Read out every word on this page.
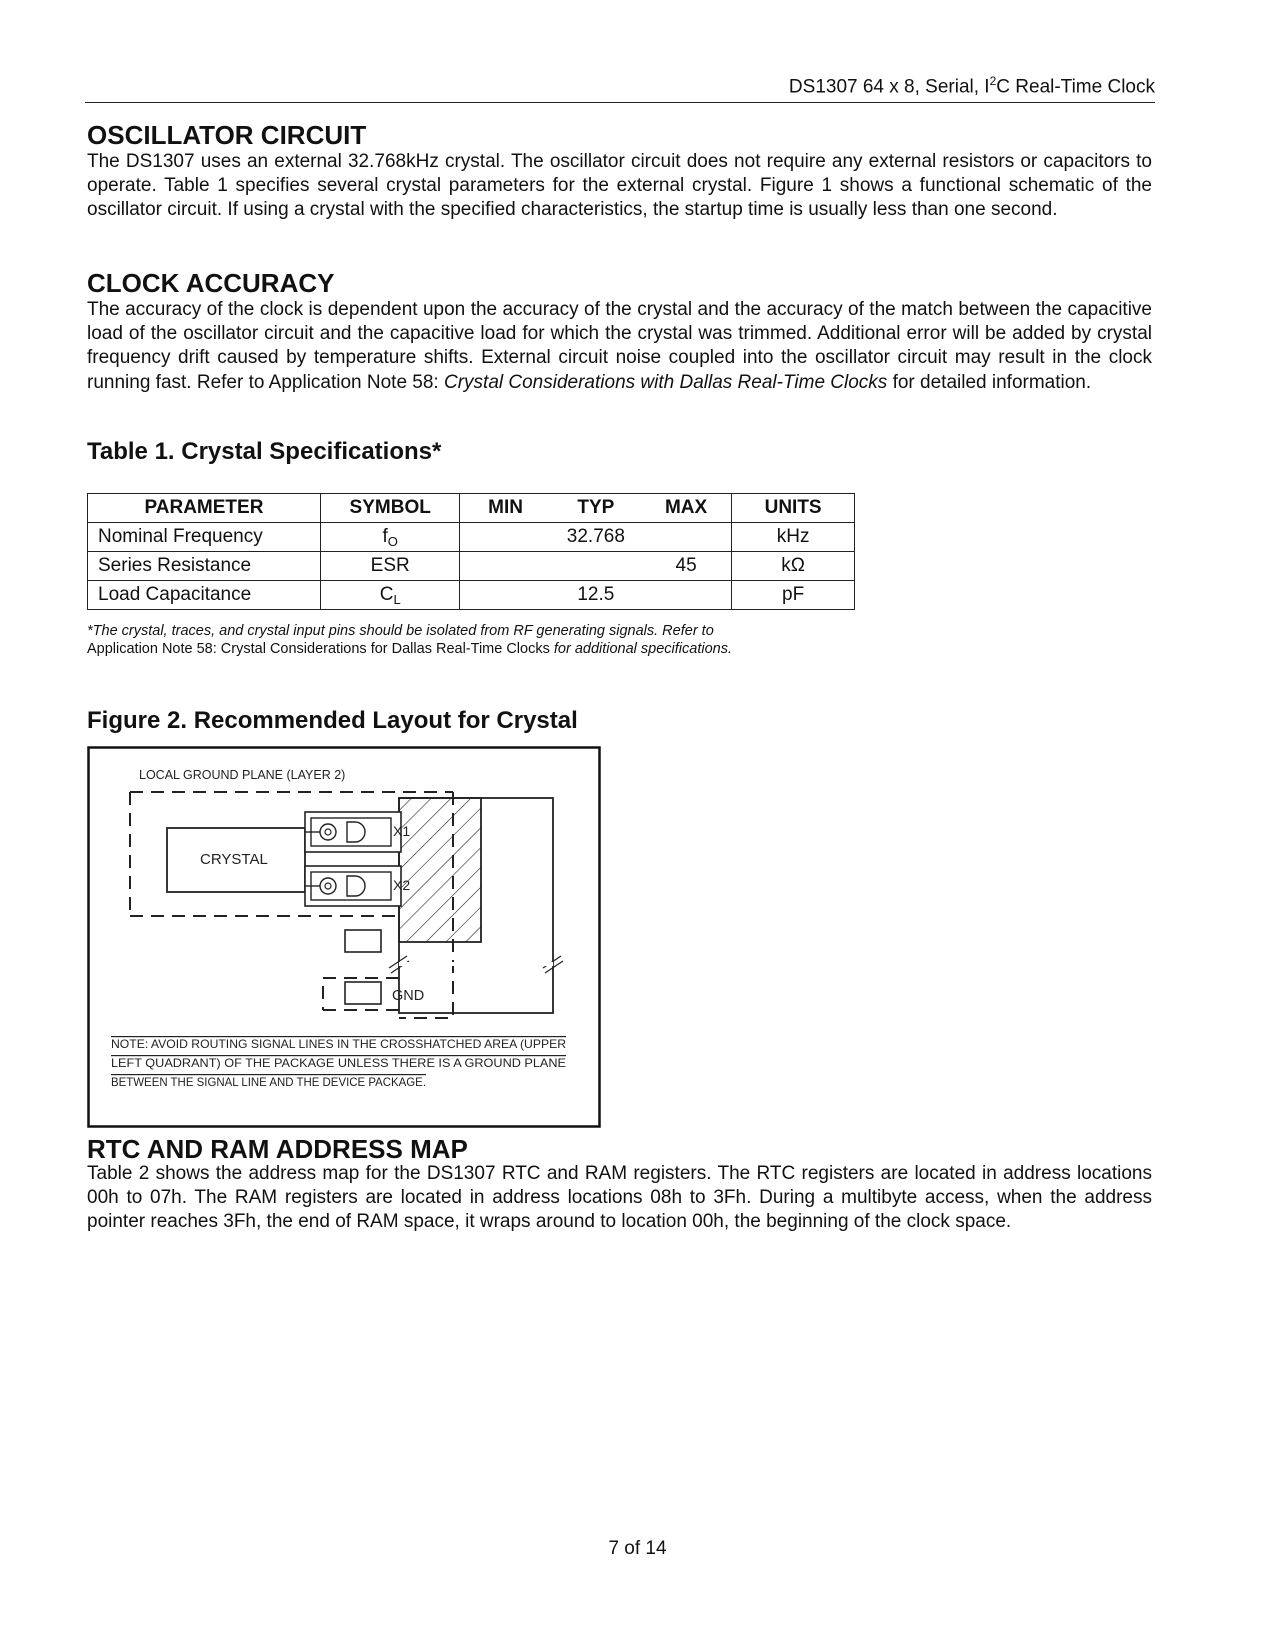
DS1307 64 x 8, Serial, $I^2C$ Real-Time Clock
OSCILLATOR CIRCUIT

The DS1307 uses an external 32.768kHz crystal. The oscillator circuit does not require any external resistors or capacitors to operate. Table 1 specifies several crystal parameters for the external crystal. Figure 1 shows a functional schematic of the oscillator circuit. If using a crystal with the specified characteristics, the startup time is usually less than one second.

CLOCK ACCURACY

The accuracy of the clock is dependent upon the accuracy of the crystal and the accuracy of the match between the capacitive load of the oscillator circuit and the capacitive load for which the crystal was trimmed. Additional error will be added by crystal frequency drift caused by temperature shifts. External circuit noise coupled into the oscillator circuit may result in the clock running fast. Refer to Application Note 58: Crystal Considerations with Dallas Real-Time Clocks for detailed information.

Table 1. Crystal Specifications*
PARAMETER	SYMBOL	MIN TYP MAX	UNITS
Nominal Frequency	$f_O$	32.768	kHz
Series Resistance	ESR	45	kΩ
Load Capacitance	$C_L$	12.5	pF

*The crystal, traces, and crystal input pins should be isolated from RF generating signals. Refer to
Application Note 58: Crystal Considerations for Dallas Real-Time Clocks for additional specifications.

Figure 2. Recommended Layout for Crystal
LOCAL GROUND PLANE (LAYER 2)
CRYSTAL
X1
X2
GND
NOTE: AVOID ROUTING SIGNAL LINES IN THE CROSSHATCHED AREA (UPPER
LEFT QUADRANT) OF THE PACKAGE UNLESS THERE IS A GROUND PLANE
BETWEEN THE SIGNAL LINE AND THE DEVICE PACKAGE.
RTC AND RAM ADDRESS MAP

Table 2 shows the address map for the DS1307 RTC and RAM registers. The RTC registers are located in address locations 00h to 07h. The RAM registers are located in address locations 08h to 3Fh. During a multibyte access, when the address pointer reaches 3Fh, the end of RAM space, it wraps around to location 00h, the beginning of the clock space.

7 of 14
